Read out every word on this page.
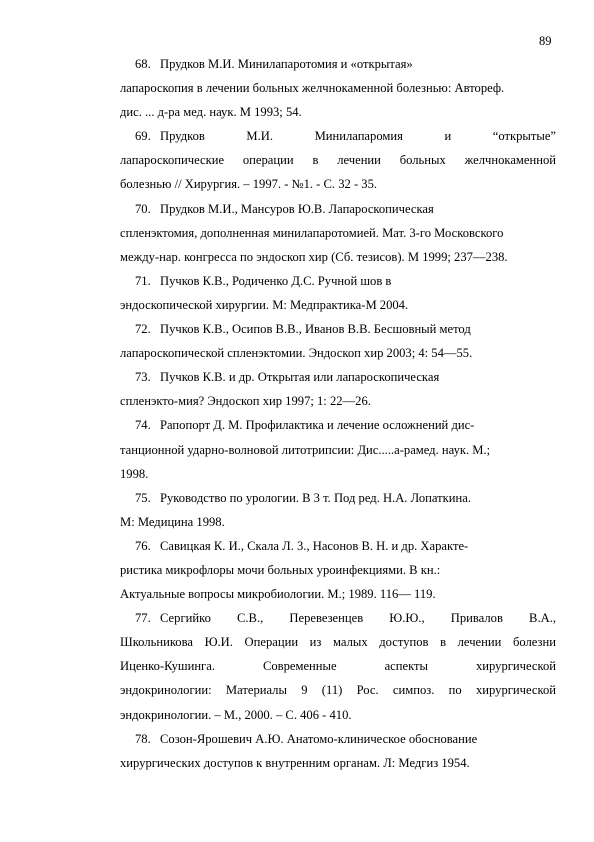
89
68. Прудков М.И. Минилапаротомия и «открытая»
лапароскопия в лечении больных желчнокаменной болезнью: Автореф.
дис. ... д-ра мед. наук. М 1993; 54.
69. Прудков М.И. Минилапаромия и “открытые”
лапароскопические операции в лечении больных желчнокаменной
болезнью // Хирургия. – 1997. - №1. - С. 32 - 35.
70. Прудков М.И., Мансуров Ю.В. Лапароскопическая
спленэктомия, дополненная минилапаротомией. Мат. 3-го Московского
между-нар. конгресса по эндоскоп хир (Сб. тезисов). М 1999; 237—238.
71. Пучков К.В., Родиченко Д.С. Ручной шов в
эндоскопической хирургии. М: Медпрактика-М 2004.
72. Пучков К.В., Осипов В.В., Иванов В.В. Бесшовный метод
лапароскопической спленэктомии. Эндоскоп хир 2003; 4: 54—55.
73. Пучков К.В. и др. Открытая или лапароскопическая
спленэкто-мия? Эндоскоп хир 1997; 1: 22—26.
74. Рапопорт Д. М. Профилактика и лечение осложнений дис-
танционной ударно-волновой литотрипсии: Дис.....а-рамед. наук. М.;
1998.
75. Руководство по урологии. В 3 т. Под ред. Н.А. Лопаткина.
М: Медицина 1998.
76. Савицкая К. И., Скала Л. 3., Насонов В. Н. и др. Характе-
ристика микрофлоры мочи больных уроинфекциями. В кн.:
Актуальные вопросы микробиологии. М.; 1989. 116— 119.
77. Сергийко С.В., Перевезенцев Ю.Ю., Привалов В.А.,
Школьникова Ю.И. Операции из малых доступов в лечении болезни
Иценко-Кушинга. Современные аспекты хирургической
эндокринологии: Материалы 9 (11) Рос. симпоз. по хирургической
эндокринологии. – М., 2000. – С. 406 - 410.
78. Созон-Ярошевич А.Ю. Анатомо-клиническое обоснование
хирургических доступов к внутренним органам. Л: Медгиз 1954.
